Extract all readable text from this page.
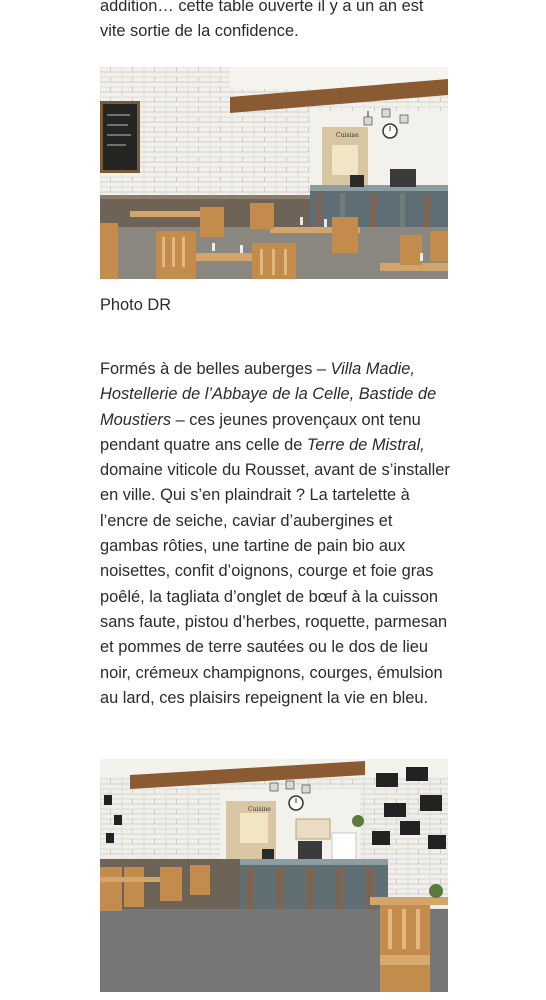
addition… cette table ouverte il y a un an est

vite sortie de la confidence.

Cuisine

Photo DR

Formés à de belles auberges – Villa Madie, Hostellerie de l’Abbaye de la Celle, Bastide de Moustiers – ces jeunes provençaux ont tenu pendant quatre ans celle de Terre de Mistral, domaine viticole du Rousset, avant de s’installer en ville. Qui s’en plaindrait ? La tartelette à l’encre de seiche, caviar d’aubergines et gambas rôties, une tartine de pain bio aux noisettes, confit d’oignons, courge et foie gras poêlé, la tagliata d’onglet de bœuf à la cuisson sans faute, pistou d’herbes, roquette, parmesan et pommes de terre sautées ou le dos de lieu noir, crémeux champignons, courges, émulsion au lard, ces plaisirs repeignent la vie en bleu.

Cuisine
